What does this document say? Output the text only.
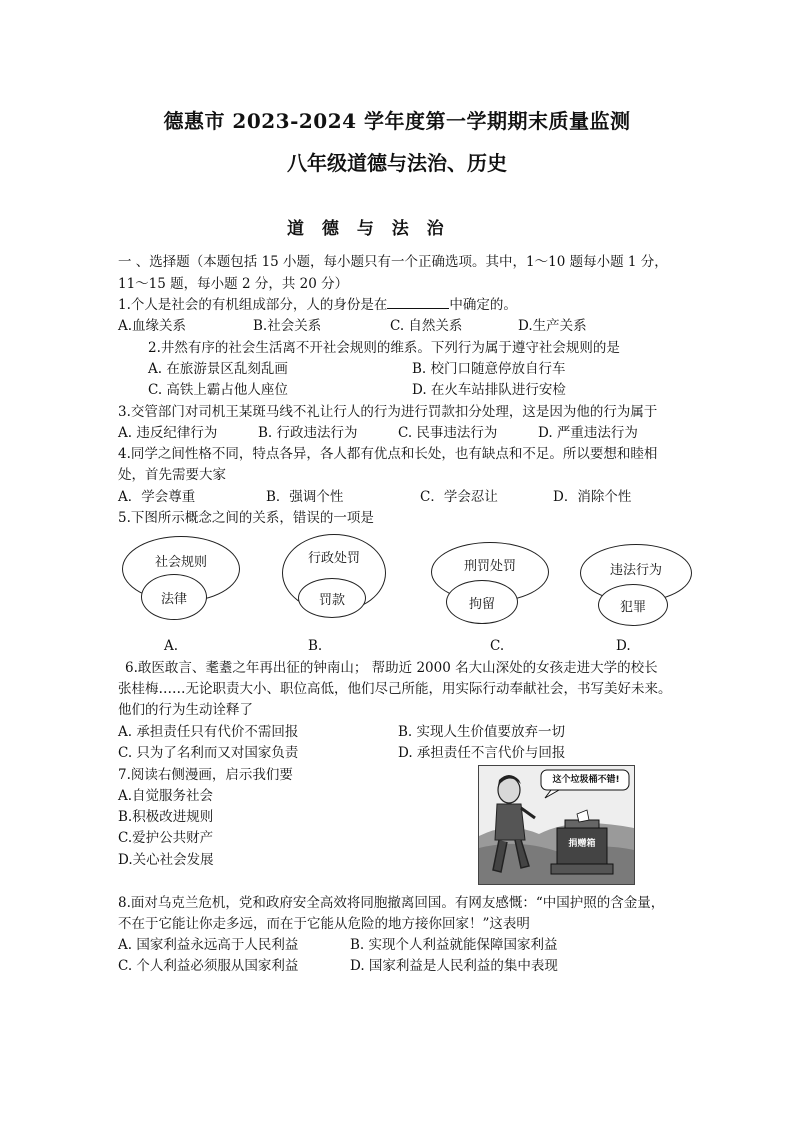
德惠市 2023-2024 学年度第一学期期末质量监测
八年级道德与法治、历史
道 德 与 法 治
一 、选择题（本题包括 15 小题，每小题只有一个正确选项。其中，1～10 题每小题 1 分，
11～15 题，每小题 2 分，共 20 分）
1.个人是社会的有机组成部分，人的身份是在	中确定的。
A.血缘关系	B.社会关系	C. 自然关系	D.生产关系
2.井然有序的社会生活离不开社会规则的维系。下列行为属于遵守社会规则的是
A. 在旅游景区乱刻乱画	B. 校门口随意停放自行车
C. 高铁上霸占他人座位	D. 在火车站排队进行安检
3.交管部门对司机王某斑马线不礼让行人的行为进行罚款扣分处理，这是因为他的行为属于
A. 违反纪律行为	B. 行政违法行为	C. 民事违法行为	D. 严重违法行为
4.同学之间性格不同，特点各异，各人都有优点和长处，也有缺点和不足。所以要想和睦相
处，首先需要大家
A．学会尊重	B．强调个性	C．学会忍让	D．消除个性
5.下图所示概念之间的关系，错误的一项是
社会规则
法律
A.
行政处罚
罚款
B.
刑罚处罚
拘留
C.
违法行为
犯罪
D.
6.敢医敢言、耄耋之年再出征的钟南山； 帮助近 2000 名大山深处的女孩走进大学的校长
张桂梅……无论职责大小、职位高低，他们尽己所能，用实际行动奉献社会，书写美好未来。
他们的行为生动诠释了
A. 承担责任只有代价不需回报	B. 实现人生价值要放弃一切
C. 只为了名利而又对国家负责	D. 承担责任不言代价与回报
7.阅读右侧漫画，启示我们要
A.自觉服务社会
B.积极改进规则
C.爱护公共财产
D.关心社会发展
这个垃圾桶不错!
捐赠箱
8.面对乌克兰危机，党和政府安全高效将同胞撤离回国。有网友感慨：“中国护照的含金量，
不在于它能让你走多远，而在于它能从危险的地方接你回家！”这表明
A. 国家利益永远高于人民利益	B. 实现个人利益就能保障国家利益
C. 个人利益必须服从国家利益	D. 国家利益是人民利益的集中表现
